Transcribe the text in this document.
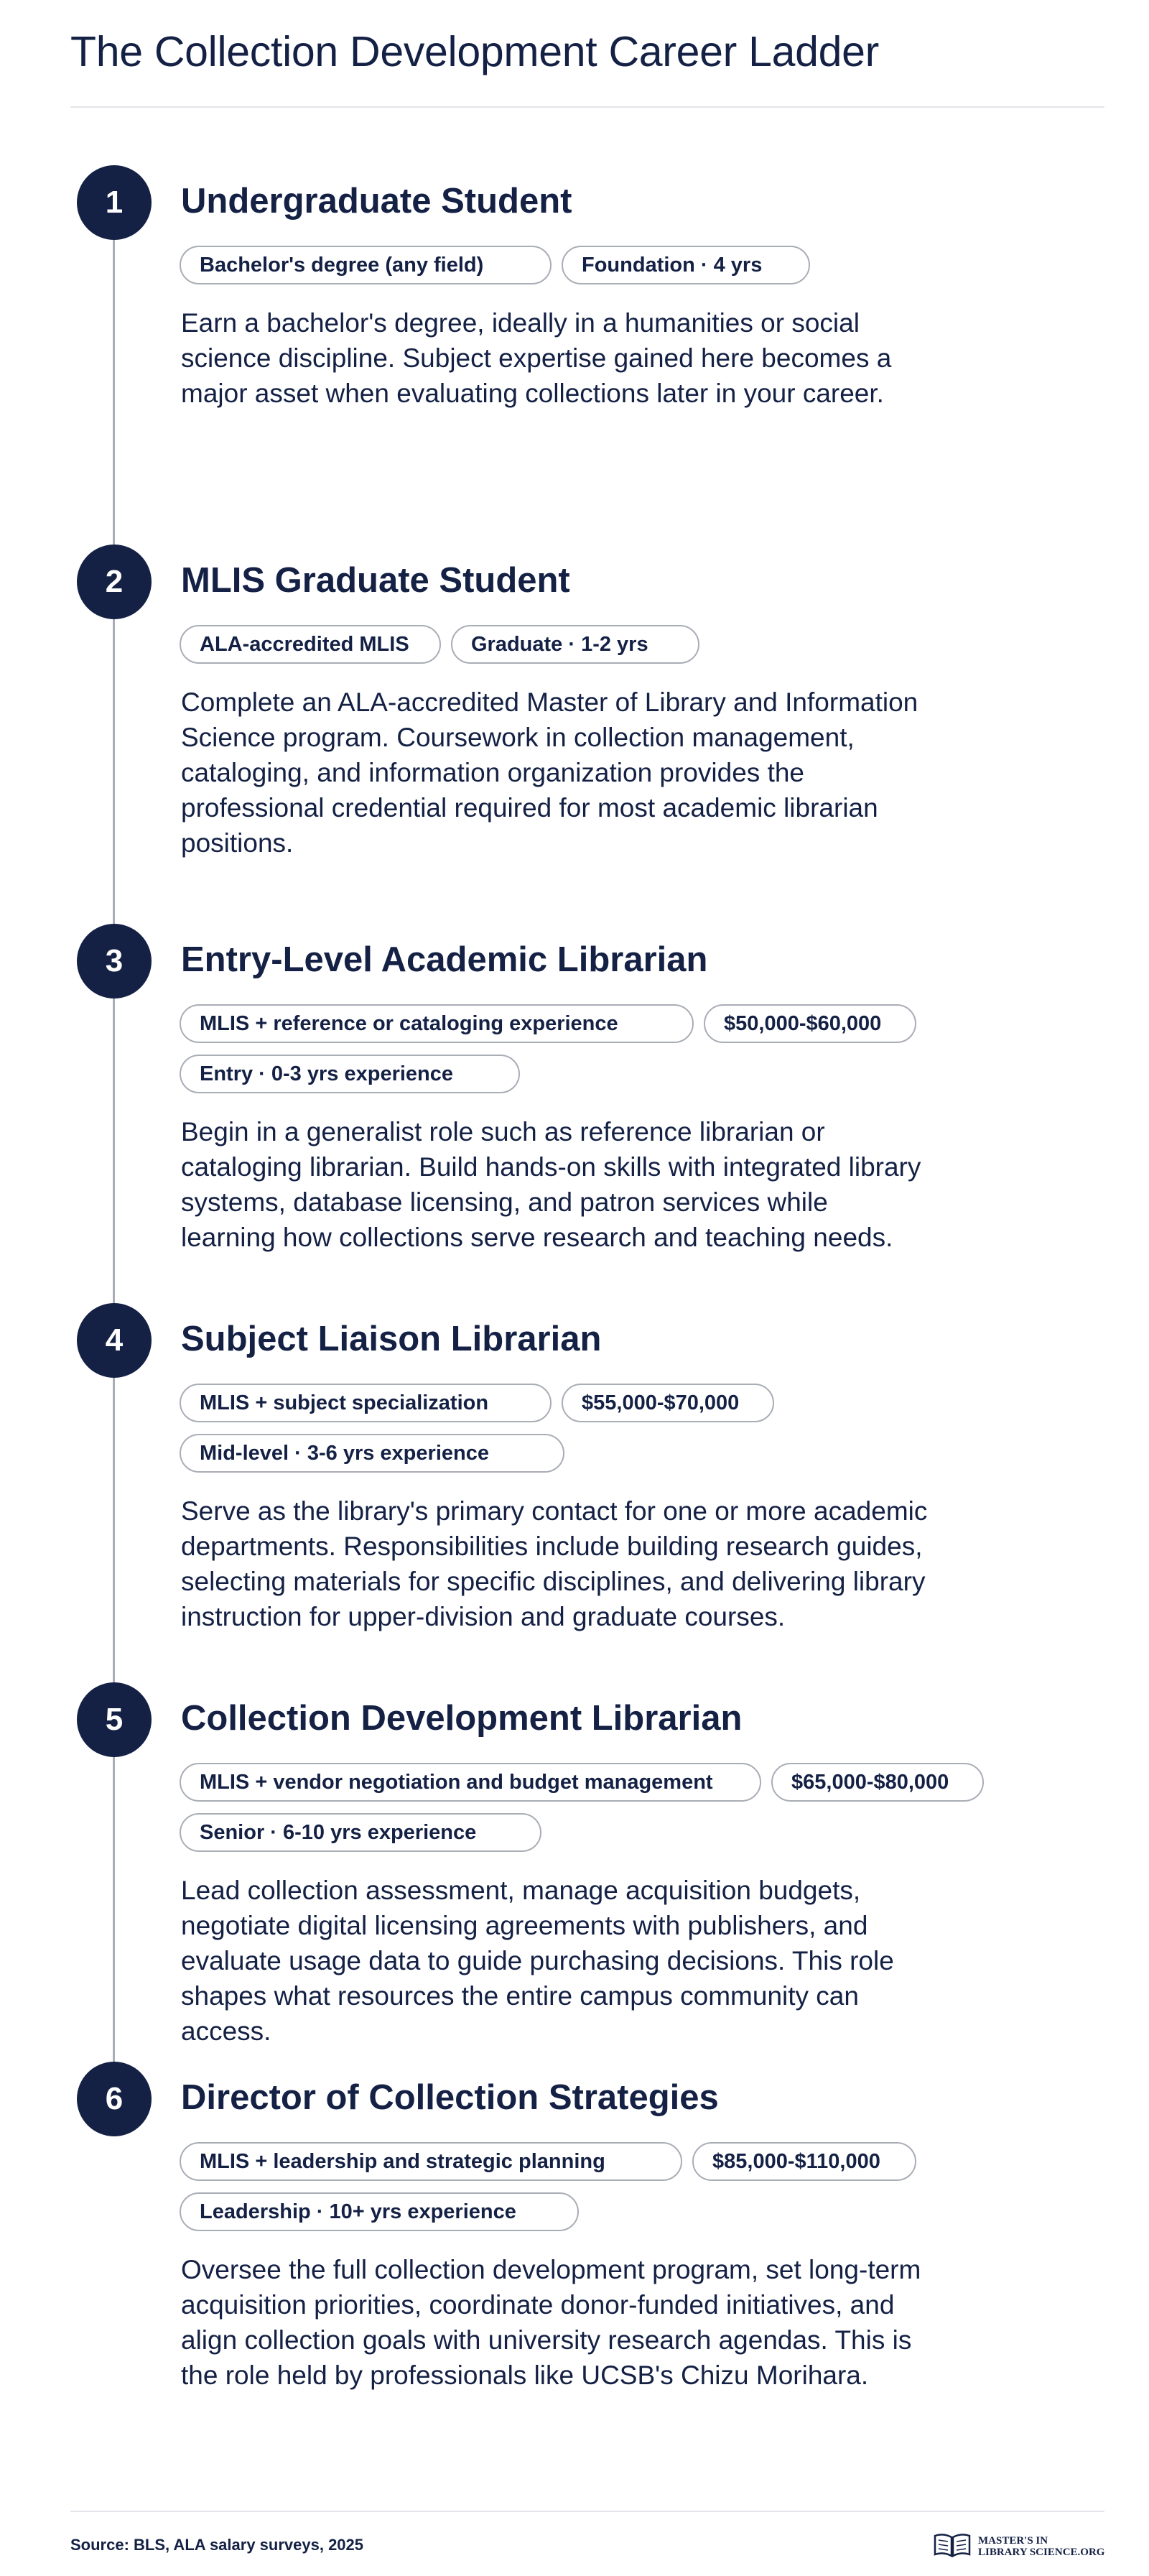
The Collection Development Career Ladder
1	Undergraduate Student
Bachelor's degree (any field)	Foundation · 4 yrs

Earn a bachelor's degree, ideally in a humanities or social science discipline. Subject expertise gained here becomes a major asset when evaluating collections later in your career.

2	MLIS Graduate Student
ALA-accredited MLIS	Graduate · 1-2 yrs

Complete an ALA-accredited Master of Library and Information Science program. Coursework in collection management, cataloging, and information organization provides the professional credential required for most academic librarian positions.

3	Entry-Level Academic Librarian
MLIS + reference or cataloging experience	$50,000-$60,000
Entry · 0-3 yrs experience

Begin in a generalist role such as reference librarian or cataloging librarian. Build hands-on skills with integrated library systems, database licensing, and patron services while learning how collections serve research and teaching needs.

4	Subject Liaison Librarian
MLIS + subject specialization	$55,000-$70,000
Mid-level · 3-6 yrs experience

Serve as the library's primary contact for one or more academic departments. Responsibilities include building research guides, selecting materials for specific disciplines, and delivering library instruction for upper-division and graduate courses.

5	Collection Development Librarian
MLIS + vendor negotiation and budget management	$65,000-$80,000
Senior · 6-10 yrs experience

Lead collection assessment, manage acquisition budgets, negotiate digital licensing agreements with publishers, and evaluate usage data to guide purchasing decisions. This role shapes what resources the entire campus community can access.

6	Director of Collection Strategies
MLIS + leadership and strategic planning	$85,000-$110,000
Leadership · 10+ yrs experience

Oversee the full collection development program, set long-term acquisition priorities, coordinate donor-funded initiatives, and align collection goals with university research agendas. This is the role held by professionals like UCSB's Chizu Morihara.

Source: BLS, ALA salary surveys, 2025	MASTER'S IN
LIBRARY SCIENCE.ORG
